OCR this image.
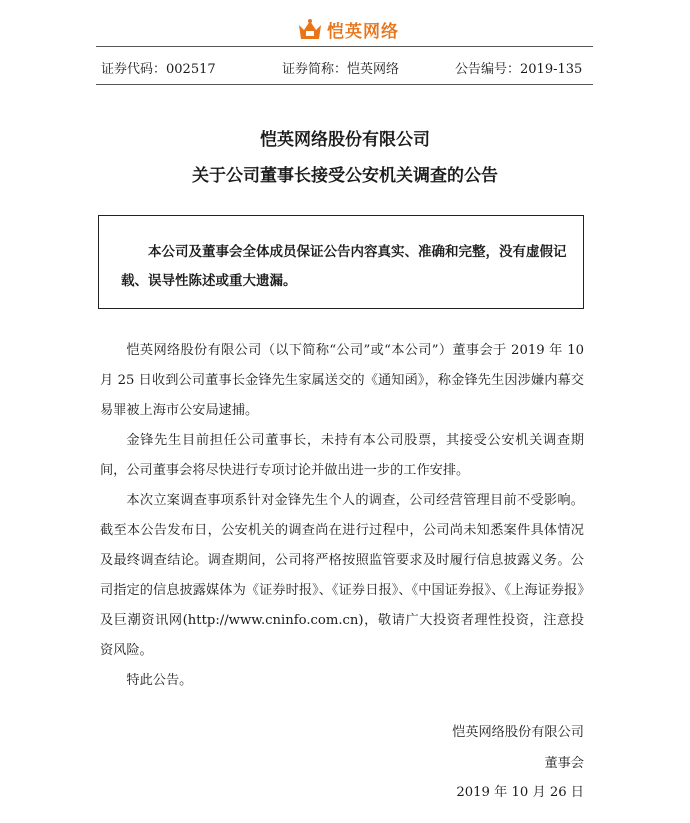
恺英网络
证券代码：002517	证券简称：恺英网络	公告编号：2019-135
恺英网络股份有限公司
关于公司董事长接受公安机关调查的公告
本公司及董事会全体成员保证公告内容真实、准确和完整，没有虚假记载、误导性陈述或重大遗漏。

恺英网络股份有限公司（以下简称“公司”或“本公司”）董事会于 2019 年 10 月 25 日收到公司董事长金锋先生家属送交的《通知函》，称金锋先生因涉嫌内幕交易罪被上海市公安局逮捕。

金锋先生目前担任公司董事长，未持有本公司股票，其接受公安机关调查期间，公司董事会将尽快进行专项讨论并做出进一步的工作安排。

本次立案调查事项系针对金锋先生个人的调查，公司经营管理目前不受影响。截至本公告发布日，公安机关的调查尚在进行过程中，公司尚未知悉案件具体情况及最终调查结论。调查期间，公司将严格按照监管要求及时履行信息披露义务。公司指定的信息披露媒体为《证券时报》、《证券日报》、《中国证券报》、《上海证券报》及巨潮资讯网(http://www.cninfo.com.cn)，敬请广大投资者理性投资，注意投资风险。

特此公告。

恺英网络股份有限公司
董事会
2019 年 10 月 26 日
